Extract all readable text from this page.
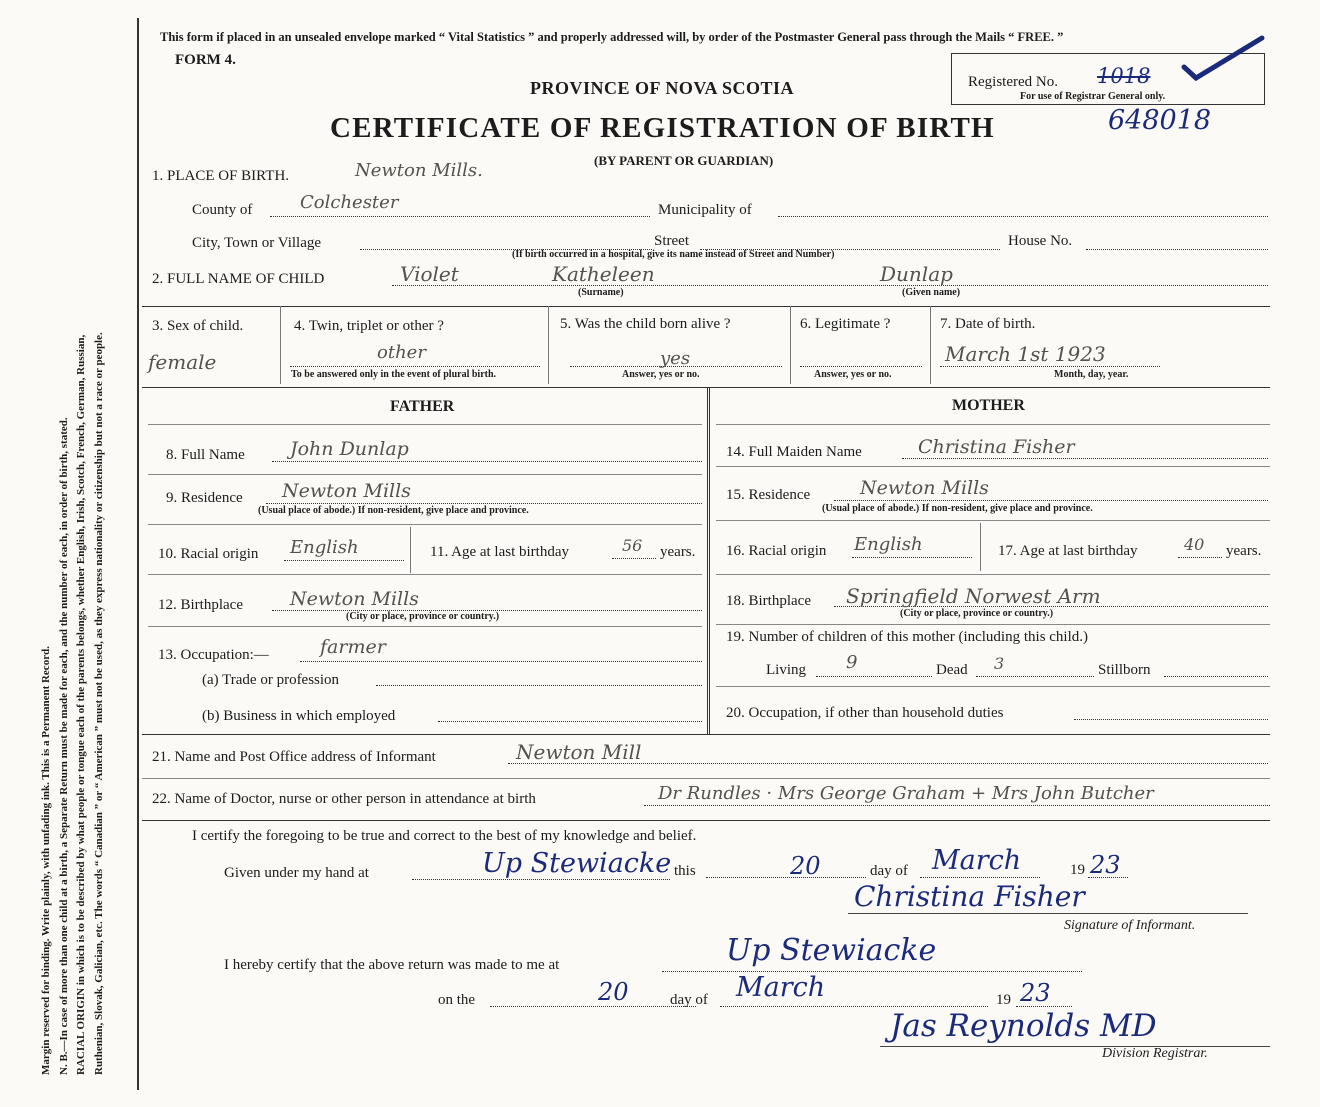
Margin reserved for binding. Write plainly, with unfading ink. This is a Permanent Record. N. B.—In case of more than one child at a birth, a Separate Return must be made for each, and the number of each, in order of birth, stated. RACIAL ORIGIN in which is to be described by what people or tongue each of the parents belongs, whether English, Irish, Scotch, French, German, Russian, Ruthenian, Slovak, Galician, etc. The words “ Canadian ” or “ American ” must not be used, as they express nationality or citizenship but not a race or people.
This form if placed in an unsealed envelope marked “ Vital Statistics ” and properly addressed will, by order of the Postmaster General pass through the Mails “ FREE. ”
FORM 4.
PROVINCE OF NOVA SCOTIA
CERTIFICATE OF REGISTRATION OF BIRTH
(BY PARENT OR GUARDIAN)
648018
Registered No. 1018
For use of Registrar General only.
1. PLACE OF BIRTH.	Newton Mills.
County of	Colchester	Municipality of
City, Town or Village	Street	House No.
(If birth occurred in a hospital, give its name instead of Street and Number)
2. FULL NAME OF CHILD	Violet	Katheleen	Dunlap
(Surname)	(Given name)
3. Sex of child.
female
4. Twin, triplet or other ?
other
To be answered only in the event of plural birth.
5. Was the child born alive ?
yes
Answer, yes or no.
6. Legitimate ?
Answer, yes or no.
7. Date of birth.
March 1st 1923
Month, day, year.
FATHER	MOTHER
8. Full Name John Dunlap
9. Residence Newton Mills
(Usual place of abode.) If non-resident, give place and province.
10. Racial origin English	11. Age at last birthday	56 years.
12. Birthplace Newton Mills
(City or place, province or country.)
13. Occupation:—	farmer
(a) Trade or profession
(b) Business in which employed
14. Full Maiden Name	Christina Fisher
15. Residence	Newton Mills
(Usual place of abode.) If non-resident, give place and province.
16. Racial origin English	17. Age at last birthday	40 years.
18. Birthplace Springfield Norwest Arm
(City or place, province or country.)
19. Number of children of this mother (including this child.)
Living 9	Dead 3	Stillborn
20. Occupation, if other than household duties
21. Name and Post Office address of Informant	Newton Mill
22. Name of Doctor, nurse or other person in attendance at birth	Dr Rundles · Mrs George Graham + Mrs John Butcher
I certify the foregoing to be true and correct to the best of my knowledge and belief.
Given under my hand at	Up Stewiacke this	20	day of March	19 23
Christina Fisher
Signature of Informant.
I hereby certify that the above return was made to me at	Up Stewiacke
on the	20	day of March	19 23
Jas Reynolds MD
Division Registrar.
